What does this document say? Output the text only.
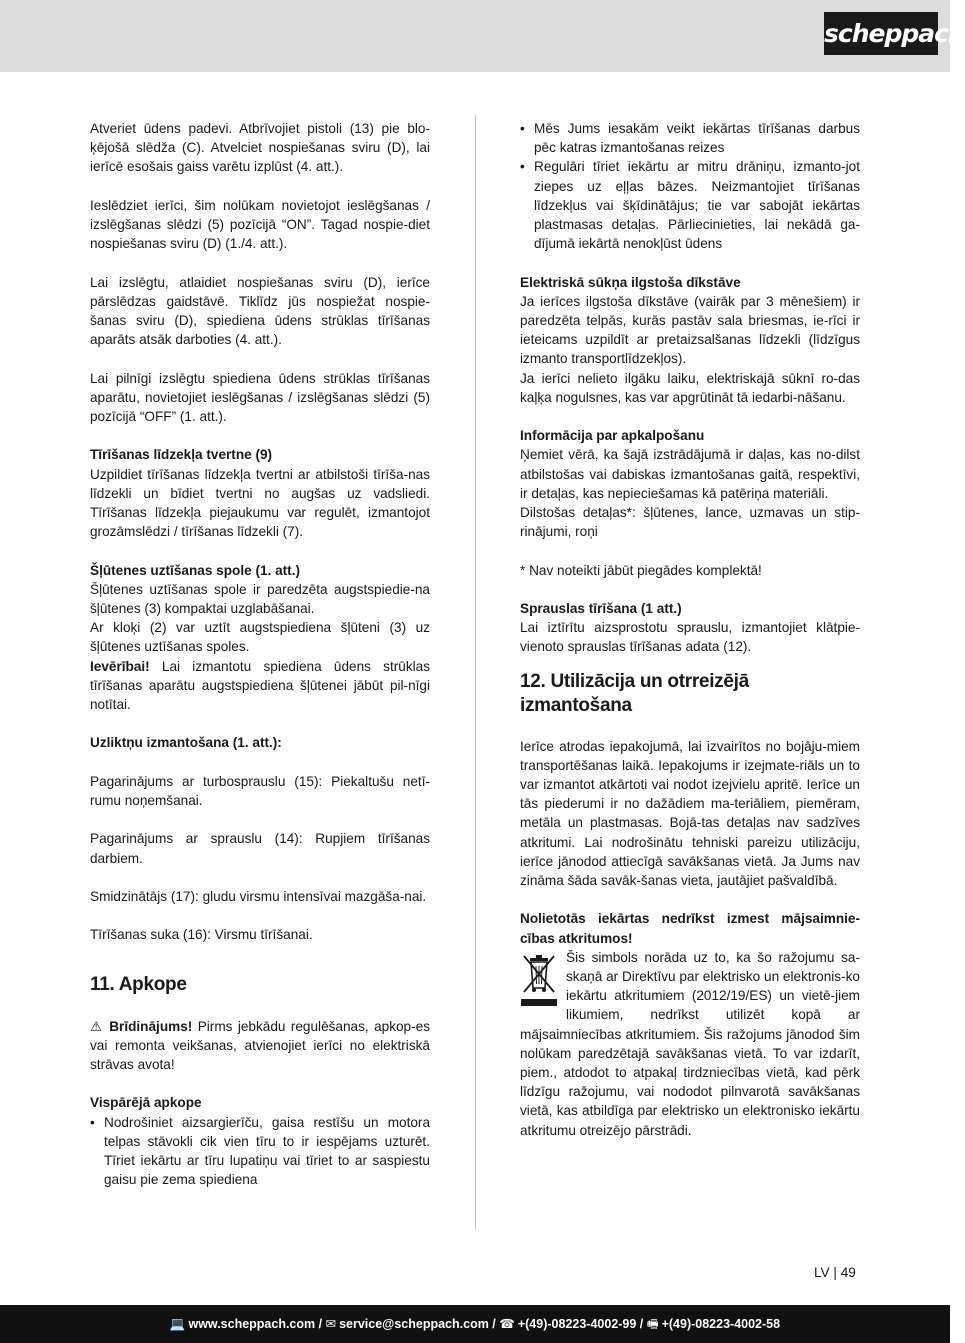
scheppach

Atveriet ūdens padevi. Atbrīvojiet pistoli (13) pie blo-ķējošā slēdža (C). Atvelciet nospiešanas sviru (D), lai ierīcē esošais gaiss varētu izplūst (4. att.).

Ieslēdziet ierīci, šim nolūkam novietojot ieslēgšanas / izslēgšanas slēdzi (5) pozīcijā “ON”. Tagad nospie-diet nospiešanas sviru (D) (1./4. att.).

Lai izslēgtu, atlaidiet nospiešanas sviru (D), ierīce pārslēdzas gaidstāvē. Tiklīdz jūs nospiežat nospie-šanas sviru (D), spiediena ūdens strūklas tīrīšanas aparāts atsāk darboties (4. att.).

Lai pilnīgi izslēgtu spiediena ūdens strūklas tīrīšanas aparātu, novietojiet ieslēgšanas / izslēgšanas slēdzi (5) pozīcijā “OFF” (1. att.).

Tīrīšanas līdzekļa tvertne (9)

Uzpildiet tīrīšanas līdzekļa tvertni ar atbilstoši tīrīša-nas līdzekli un bīdiet tvertni no augšas uz vadsliedi. Tīrīšanas līdzekļa piejaukumu var regulēt, izmantojot grozāmslēdzi / tīrīšanas līdzekli (7).

Šļūtenes uztīšanas spole (1. att.)

Šļūtenes uztīšanas spole ir paredzēta augstspiedie-na šļūtenes (3) kompaktai uzglabāšanai.

Ar kloķi (2) var uztīt augstspiediena šļūteni (3) uz šļūtenes uztīšanas spoles.

Ievērībai! Lai izmantotu spiediena ūdens strūklas tīrīšanas aparātu augstspiediena šļūtenei jābūt pil-nīgi notītai.

Uzliktņu izmantošana (1. att.):

Pagarinājums ar turbosprauslu (15): Piekaltušu netī-rumu noņemšanai.

Pagarinājums ar sprauslu (14): Rupjiem tīrīšanas darbiem.

Smidzinātājs (17): gludu virsmu intensīvai mazgāša-nai.

Tīrīšanas suka (16): Virsmu tīrīšanai.

11. Apkope

⚠ Brīdinājums! Pirms jebkādu regulēšanas, apkop-es vai remonta veikšanas, atvienojiet ierīci no elektriskā strāvas avota!

Vispārējā apkope

• Nodrošiniet aizsargierīču, gaisa restīšu un motora telpas stāvokli cik vien tīru to ir iespējams uzturēt. Tīriet iekārtu ar tīru lupatiņu vai tīriet to ar saspiestu gaisu pie zema spiediena
• Mēs Jums iesakām veikt iekārtas tīrīšanas darbus pēc katras izmantošanas reizes
• Regulāri tīriet iekārtu ar mitru drāniņu, izmanto-jot ziepes uz eļļas bāzes. Neizmantojiet tīrīšanas līdzekļus vai šķīdinātājus; tie var sabojāt iekārtas plastmasas detaļas. Pārliecinieties, lai nekādā ga-dījumā iekārtā nenokļūst ūdens

Elektriskā sūkņa ilgstoša dīkstāve

Ja ierīces ilgstoša dīkstāve (vairāk par 3 mēnešiem) ir paredzēta telpās, kurās pastāv sala briesmas, ie-rīci ir ieteicams uzpildīt ar pretaizsalšanas līdzekli (līdzīgus izmanto transportlīdzekļos).

Ja ierīci nelieto ilgāku laiku, elektriskajā sūknī ro-das kaļķa nogulsnes, kas var apgrūtināt tā iedarbi-nāšanu.

Informācija par apkalpošanu

Ņemiet vērā, ka šajā izstrādājumā ir daļas, kas no-dilst atbilstošas vai dabiskas izmantošanas gaitā, respektīvi, ir detaļas, kas nepieciešamas kā patēriņa materiāli.

Dilstošas detaļas*: šļūtenes, lance, uzmavas un stip-rinājumi, roņi

* Nav noteikti jābūt piegādes komplektā!

Sprauslas tīrīšana (1 att.)

Lai iztīrītu aizsprostotu sprauslu, izmantojiet klātpie-vienoto sprauslas tīrīšanas adata (12).

12. Utilizācija un otrreizējā izmantošana

Ierīce atrodas iepakojumā, lai izvairītos no bojāju-miem transportēšanas laikā. Iepakojums ir izejmate-riāls un to var izmantot atkārtoti vai nodot izejvielu apritē. Ierīce un tās piederumi ir no dažādiem ma-teriāliem, piemēram, metāla un plastmasas. Bojā-tas detaļas nav sadzīves atkritumi. Lai nodrošinātu tehniski pareizu utilizāciju, ierīce jānodod attiecīgā savākšanas vietā. Ja Jums nav zināma šāda savāk-šanas vieta, jautājiet pašvaldībā.

Nolietotās iekārtas nedrīkst izmest mājsaimnie-cības atkritumos!

Šis simbols norāda uz to, ka šo ražojumu sa-skaņā ar Direktīvu par elektrisko un elektronis-ko iekārtu atkritumiem (2012/19/ES) un vietē-jiem likumiem, nedrīkst utilizēt kopā ar mājsaimniecības atkritumiem. Šis ražojums jānodod šim nolūkam paredzētajā savākšanas vietā. To var izdarīt, piem., atdodot to atpakaļ tirdzniecības vietā, kad pērk līdzīgu ražojumu, vai nododot pilnvarotā savākšanas vietā, kas atbildīga par elektrisko un elektronisko iekārtu atkritumu otreizējo pārstrādi.

LV | 49
💻 www.scheppach.com / ✉ service@scheppach.com / ☎ +(49)-08223-4002-99 / 🖷 +(49)-08223-4002-58
